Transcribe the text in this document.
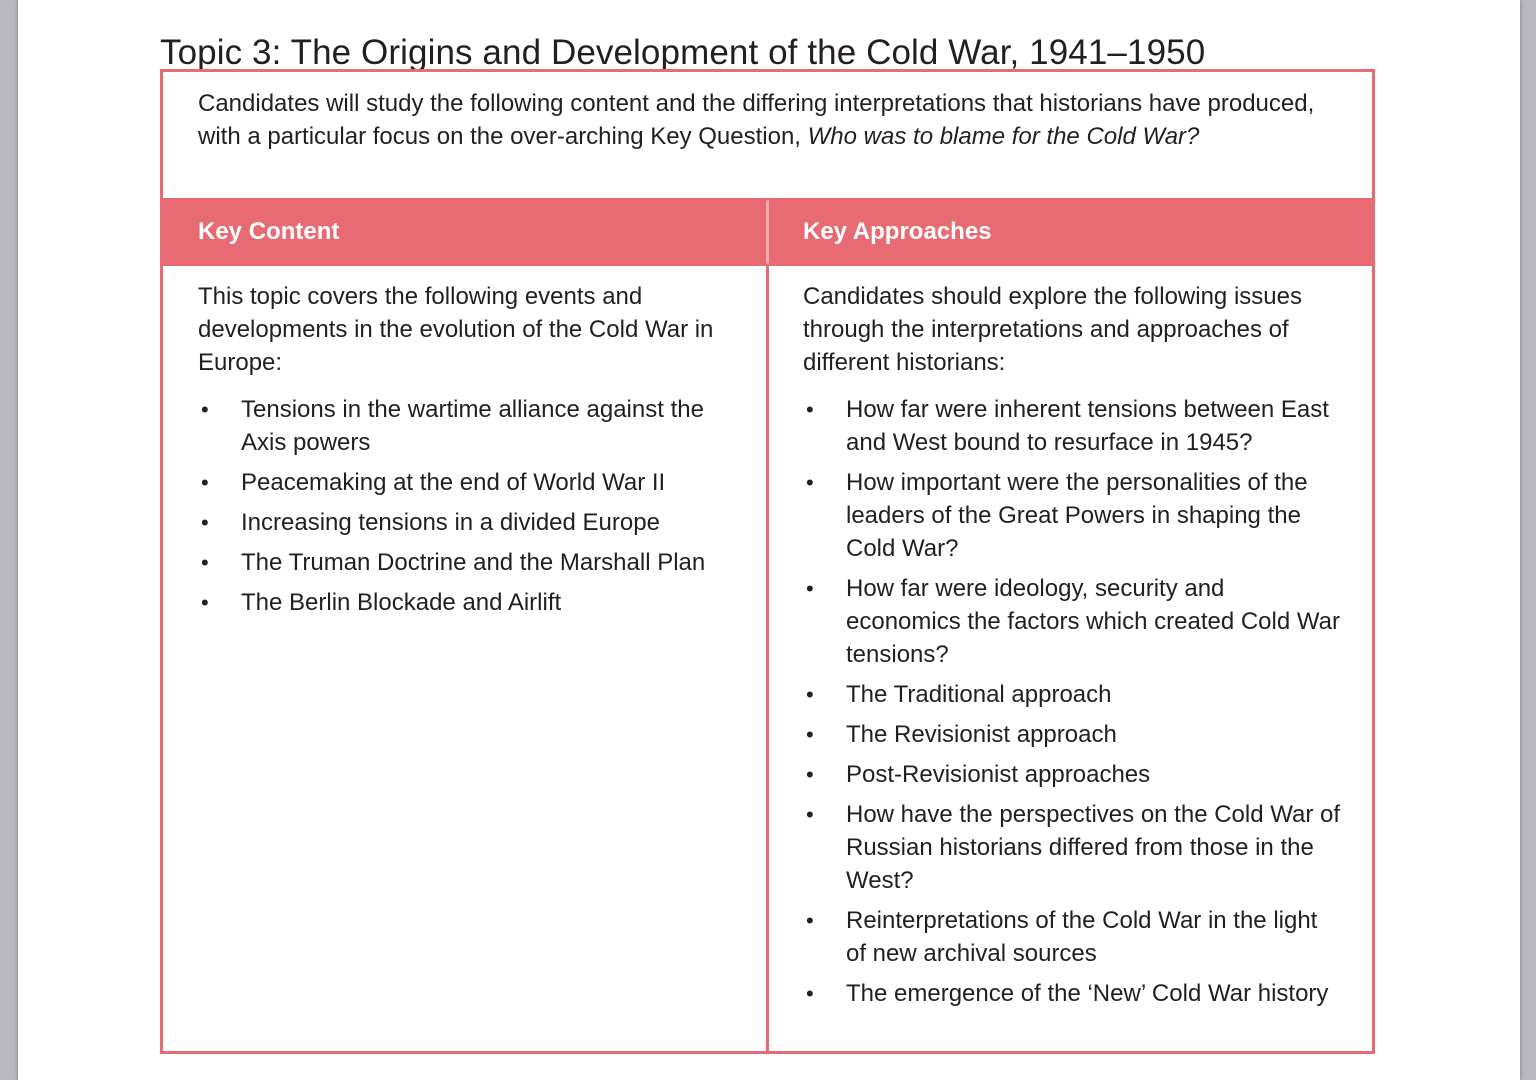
Topic 3: The Origins and Development of the Cold War, 1941–1950
Candidates will study the following content and the differing interpretations that historians have produced, with a particular focus on the over-arching Key Question, Who was to blame for the Cold War?
Key Content	Key Approaches

This topic covers the following events and developments in the evolution of the Cold War in Europe:

• Tensions in the wartime alliance against the Axis powers
• Peacemaking at the end of World War II
• Increasing tensions in a divided Europe
• The Truman Doctrine and the Marshall Plan
• The Berlin Blockade and Airlift

Candidates should explore the following issues through the interpretations and approaches of different historians:

• How far were inherent tensions between East and West bound to resurface in 1945?
• How important were the personalities of the leaders of the Great Powers in shaping the Cold War?
• How far were ideology, security and economics the factors which created Cold War tensions?
• The Traditional approach
• The Revisionist approach
• Post-Revisionist approaches
• How have the perspectives on the Cold War of Russian historians differed from those in the West?
• Reinterpretations of the Cold War in the light of new archival sources
• The emergence of the ‘New’ Cold War history
